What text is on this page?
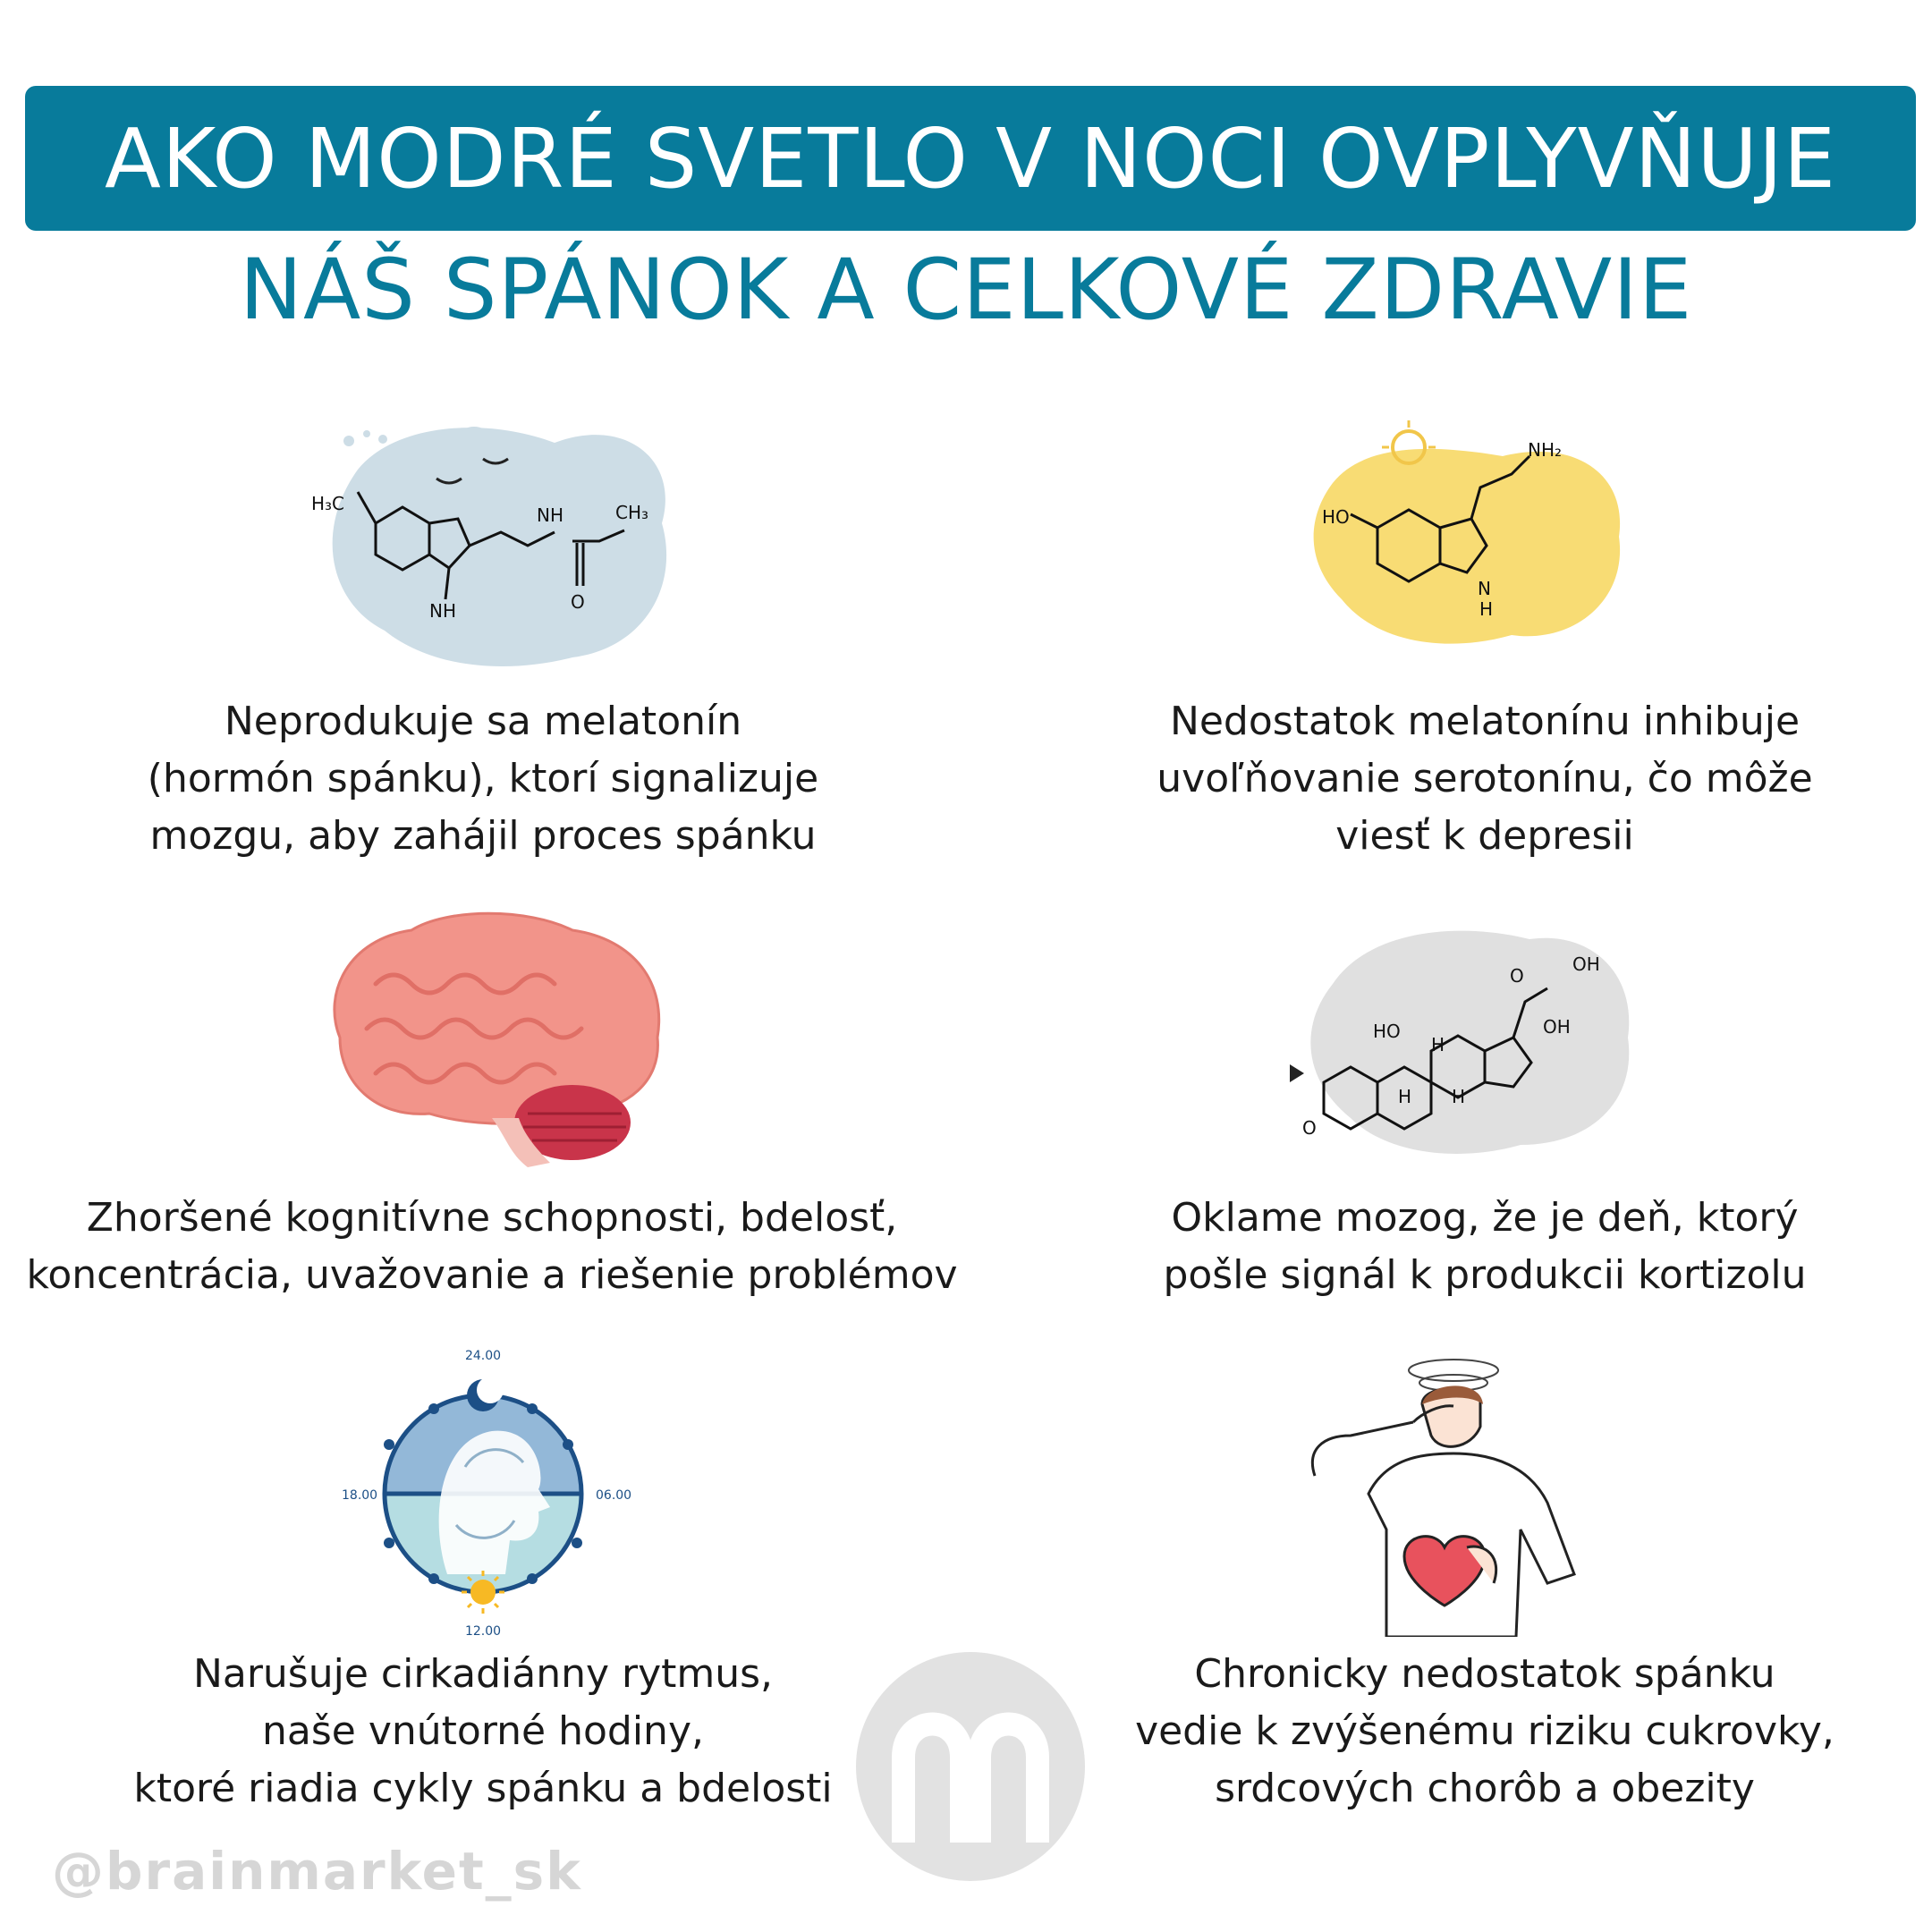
AKO MODRÉ SVETLO V NOCI OVPLYVŇUJE
NÁŠ SPÁNOK A CELKOVÉ ZDRAVIE
H₃C
NH	CH₃
NH	O
Neprodukuje sa melatonín
(hormón spánku), ktorí signalizuje
mozgu, aby zahájil proces spánku
NH₂
HO
N
H
Nedostatok melatonínu inhibuje
uvoľňovanie serotonínu, čo môže
viesť k depresii
Zhoršené kognitívne schopnosti, bdelosť,
koncentrácia, uvažovanie a riešenie problémov
OH
O
HO	OH
H
H H
O
Oklame mozog, že je deň, ktorý
pošle signál k produkcii kortizolu
24.00
06.00
12.00
18.00
Narušuje cirkadiánny rytmus,
naše vnútorné hodiny,
ktoré riadia cykly spánku a bdelosti
Chronicky nedostatok spánku
vedie k zvýšenému riziku cukrovky,
srdcových chorôb a obezity
@brainmarket_sk
